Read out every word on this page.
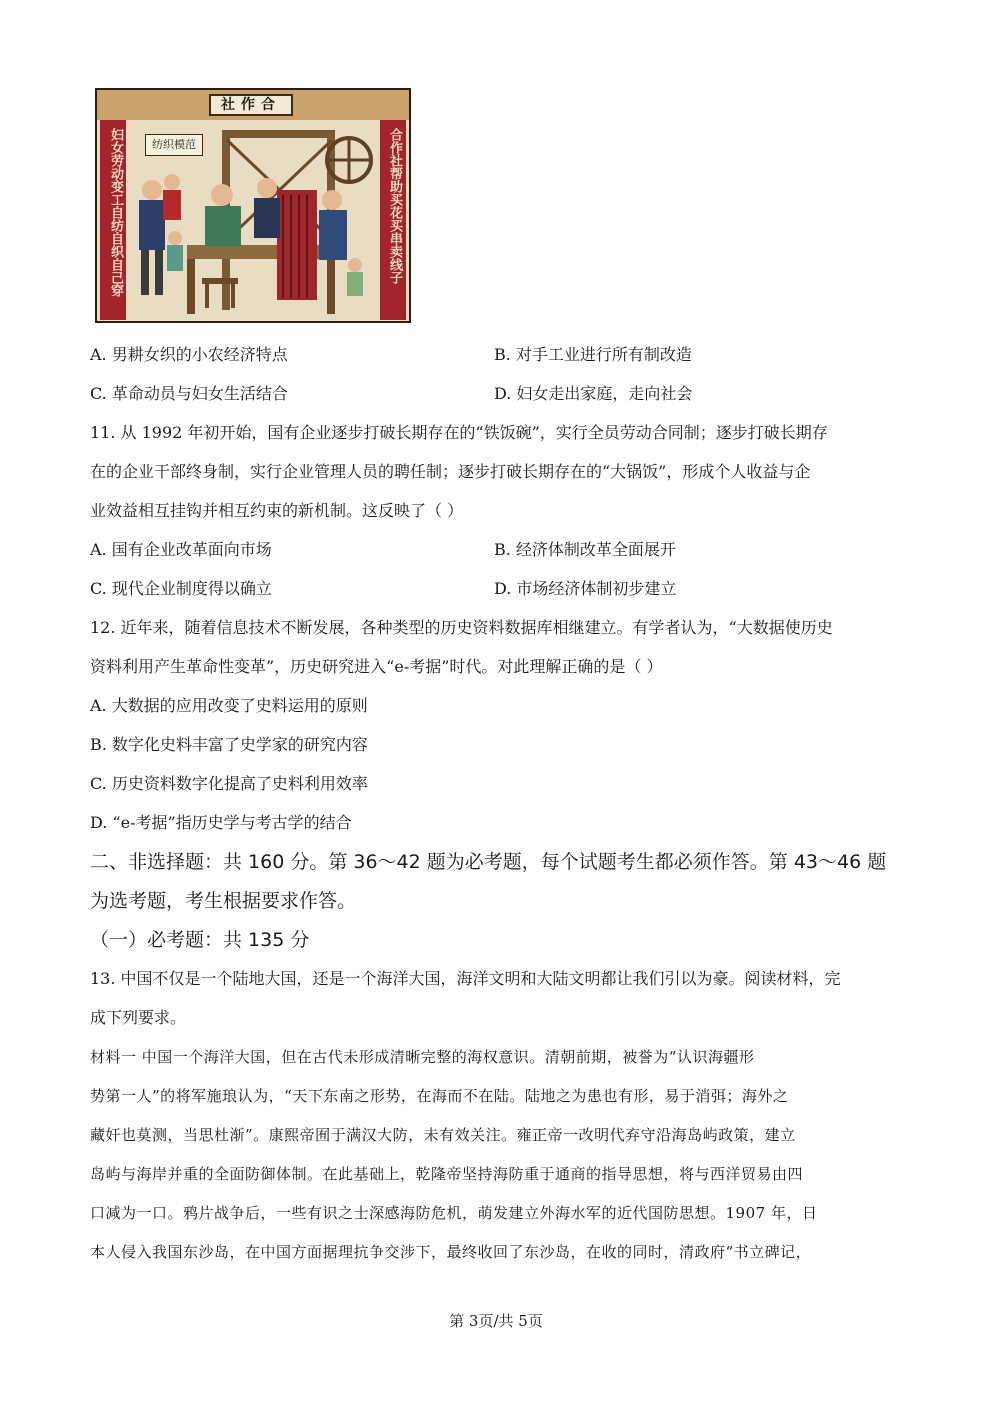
社作合
妇女劳动变工自纺自织自己穿	合作社帮助买花买串卖线子
纺织模范
A. 男耕女织的小农经济特点	B. 对手工业进行所有制改造
C. 革命动员与妇女生活结合	D. 妇女走出家庭，走向社会
11. 从 1992 年初开始，国有企业逐步打破长期存在的“铁饭碗”，实行全员劳动合同制；逐步打破长期存
在的企业干部终身制，实行企业管理人员的聘任制；逐步打破长期存在的“大锅饭”，形成个人收益与企
业效益相互挂钩并相互约束的新机制。这反映了（ ）
A. 国有企业改革面向市场	B. 经济体制改革全面展开
C. 现代企业制度得以确立	D. 市场经济体制初步建立
12. 近年来，随着信息技术不断发展，各种类型的历史资料数据库相继建立。有学者认为，“大数据使历史
资料利用产生革命性变革”，历史研究进入“e-考据”时代。对此理解正确的是（ ）
A. 大数据的应用改变了史料运用的原则
B. 数字化史料丰富了史学家的研究内容
C. 历史资料数字化提高了史料利用效率
D. “e-考据”指历史学与考古学的结合
二、非选择题：共 160 分。第 36～42 题为必考题，每个试题考生都必须作答。第 43～46 题
为选考题，考生根据要求作答。
（一）必考题：共 135 分
13. 中国不仅是一个陆地大国，还是一个海洋大国，海洋文明和大陆文明都让我们引以为豪。阅读材料，完
成下列要求。
材料一 中国一个海洋大国，但在古代未形成清晰完整的海权意识。清朝前期，被誉为“认识海疆形
势第一人”的将军施琅认为，“天下东南之形势，在海而不在陆。陆地之为患也有形，易于消弭；海外之
藏奸也莫测，当思杜渐”。康熙帝囿于满汉大防，未有效关注。雍正帝一改明代弃守沿海岛屿政策，建立
岛屿与海岸并重的全面防御体制。在此基础上，乾隆帝坚持海防重于通商的指导思想，将与西洋贸易由四
口减为一口。鸦片战争后，一些有识之士深感海防危机，萌发建立外海水军的近代国防思想。1907 年，日
本人侵入我国东沙岛，在中国方面据理抗争交涉下，最终收回了东沙岛，在收的同时，清政府“书立碑记，
第 3页/共 5页
